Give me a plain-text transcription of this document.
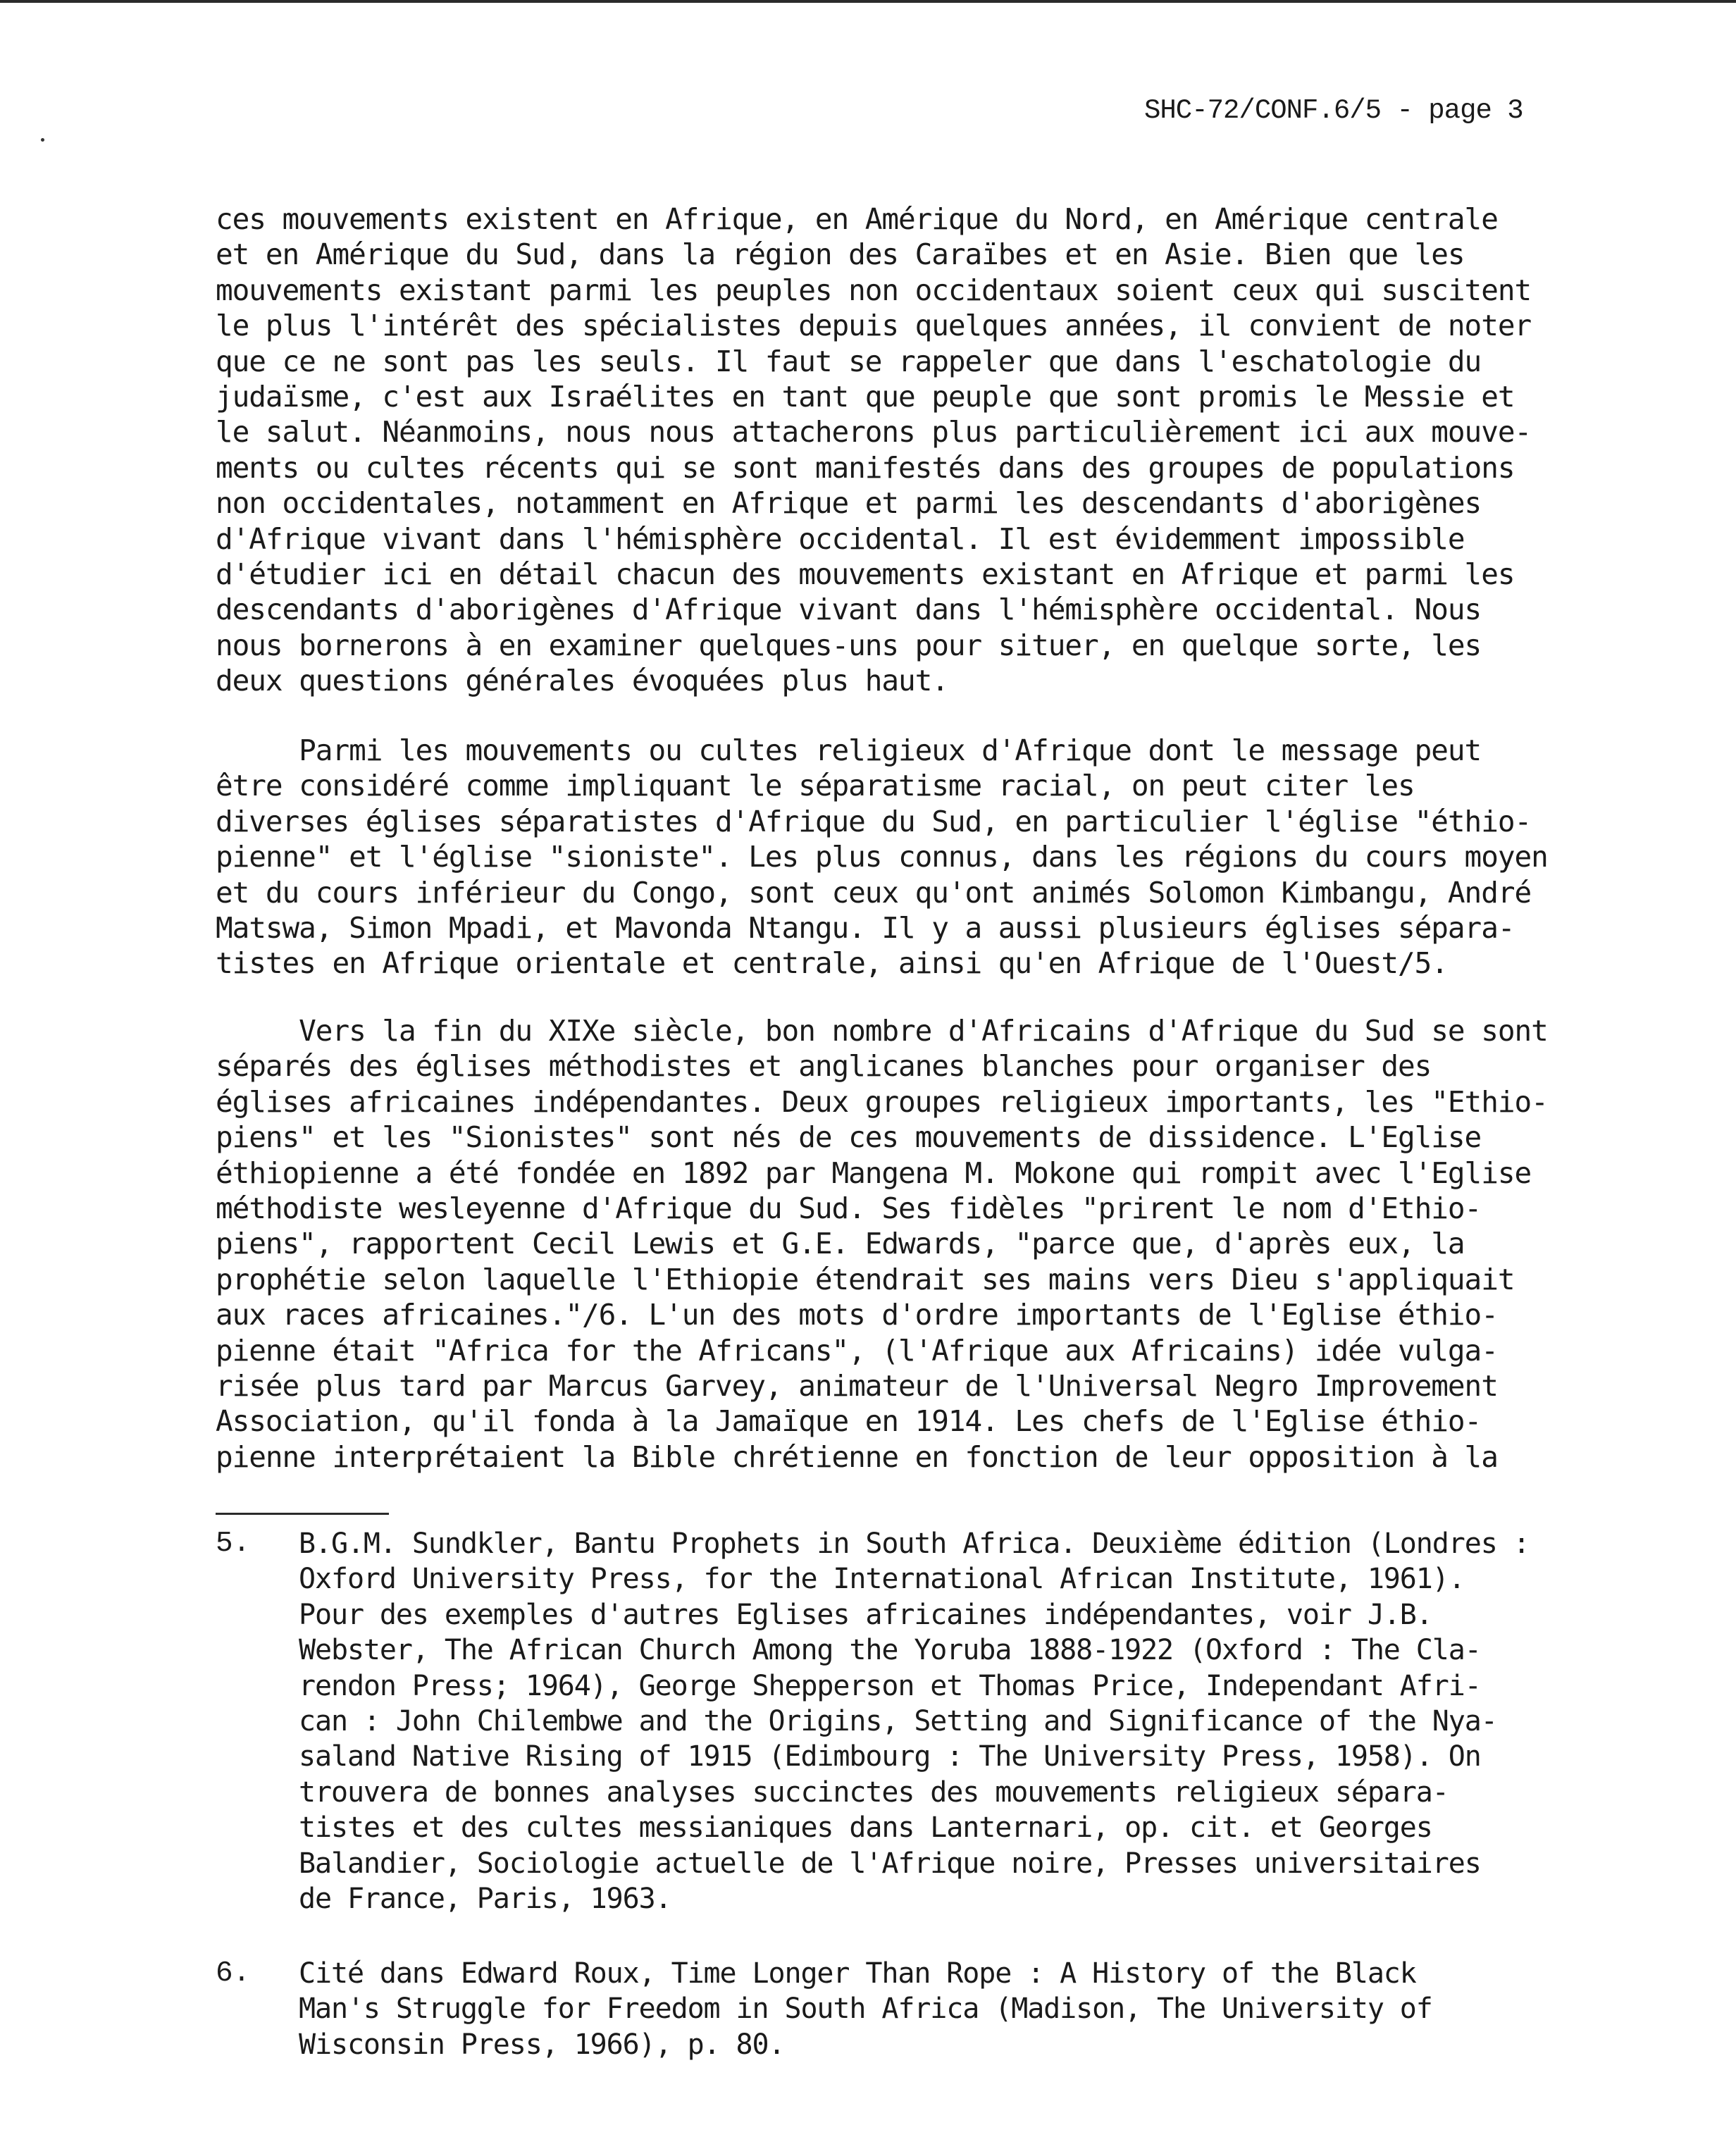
SHC-72/CONF.6/5 - page 3
ces mouvements existent en Afrique, en Amérique du Nord, en Amérique centrale
et en Amérique du Sud, dans la région des Caraïbes et en Asie. Bien que les
mouvements existant parmi les peuples non occidentaux soient ceux qui suscitent
le plus l'intérêt des spécialistes depuis quelques années, il convient de noter
que ce ne sont pas les seuls. Il faut se rappeler que dans l'eschatologie du
judaïsme, c'est aux Israélites en tant que peuple que sont promis le Messie et
le salut. Néanmoins, nous nous attacherons plus particulièrement ici aux mouve-
ments ou cultes récents qui se sont manifestés dans des groupes de populations
non occidentales, notamment en Afrique et parmi les descendants d'aborigènes
d'Afrique vivant dans l'hémisphère occidental. Il est évidemment impossible
d'étudier ici en détail chacun des mouvements existant en Afrique et parmi les
descendants d'aborigènes d'Afrique vivant dans l'hémisphère occidental. Nous
nous bornerons à en examiner quelques-uns pour situer, en quelque sorte, les
deux questions générales évoquées plus haut.
Parmi les mouvements ou cultes religieux d'Afrique dont le message peut
être considéré comme impliquant le séparatisme racial, on peut citer les
diverses églises séparatistes d'Afrique du Sud, en particulier l'église "éthio-
pienne" et l'église "sioniste". Les plus connus, dans les régions du cours moyen
et du cours inférieur du Congo, sont ceux qu'ont animés Solomon Kimbangu, André
Matswa, Simon Mpadi, et Mavonda Ntangu. Il y a aussi plusieurs églises sépara-
tistes en Afrique orientale et centrale, ainsi qu'en Afrique de l'Ouest/5.
Vers la fin du XIXe siècle, bon nombre d'Africains d'Afrique du Sud se sont
séparés des églises méthodistes et anglicanes blanches pour organiser des
églises africaines indépendantes. Deux groupes religieux importants, les "Ethio-
piens" et les "Sionistes" sont nés de ces mouvements de dissidence. L'Eglise
éthiopienne a été fondée en 1892 par Mangena M. Mokone qui rompit avec l'Eglise
méthodiste wesleyenne d'Afrique du Sud. Ses fidèles "prirent le nom d'Ethio-
piens", rapportent Cecil Lewis et G.E. Edwards, "parce que, d'après eux, la
prophétie selon laquelle l'Ethiopie étendrait ses mains vers Dieu s'appliquait
aux races africaines."/6. L'un des mots d'ordre importants de l'Eglise éthio-
pienne était "Africa for the Africans", (l'Afrique aux Africains) idée vulga-
risée plus tard par Marcus Garvey, animateur de l'Universal Negro Improvement
Association, qu'il fonda à la Jamaïque en 1914. Les chefs de l'Eglise éthio-
pienne interprétaient la Bible chrétienne en fonction de leur opposition à la
5. B.G.M. Sundkler, Bantu Prophets in South Africa. Deuxième édition (Londres :
Oxford University Press, for the International African Institute, 1961).
Pour des exemples d'autres Eglises africaines indépendantes, voir J.B.
Webster, The African Church Among the Yoruba 1888-1922 (Oxford : The Cla-
rendon Press; 1964), George Shepperson et Thomas Price, Independant Afri-
can : John Chilembwe and the Origins, Setting and Significance of the Nya-
saland Native Rising of 1915 (Edimbourg : The University Press, 1958). On
trouvera de bonnes analyses succinctes des mouvements religieux sépara-
tistes et des cultes messianiques dans Lanternari, op. cit. et Georges
Balandier, Sociologie actuelle de l'Afrique noire, Presses universitaires
de France, Paris, 1963.
6. Cité dans Edward Roux, Time Longer Than Rope : A History of the Black
Man's Struggle for Freedom in South Africa (Madison, The University of
Wisconsin Press, 1966), p. 80.
